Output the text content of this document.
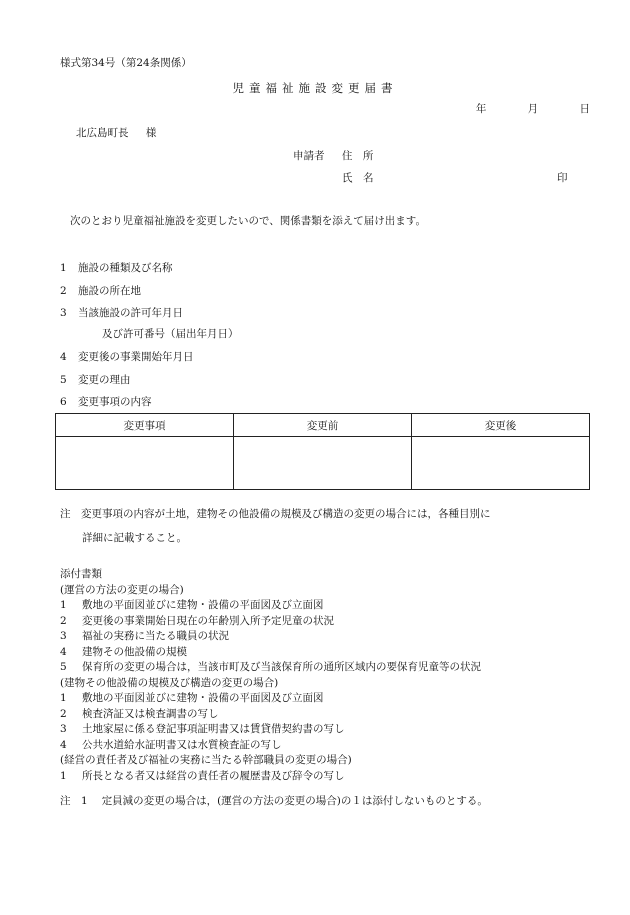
様式第34号（第24条関係）
児童福祉施設変更届書
年	月	日
北広島町長 様
申請者 住　所
氏　名	印
次のとおり児童福祉施設を変更したいので、関係書類を添えて届け出ます。
1 施設の種類及び名称
2 施設の所在地
3 当該施設の許可年月日
及び許可番号（届出年月日）
4 変更後の事業開始年月日
5 変更の理由
6 変更事項の内容
変更事項	変更前	変更後

注　変更事項の内容が土地，建物その他設備の規模及び構造の変更の場合には，各種目別に
詳細に記載すること。
添付書類
(運営の方法の変更の場合)
1 敷地の平面図並びに建物・設備の平面図及び立面図
2 変更後の事業開始日現在の年齢別入所予定児童の状況
3 福祉の実務に当たる職員の状況
4 建物その他設備の規模
5 保育所の変更の場合は，当該市町及び当該保育所の通所区域内の要保育児童等の状況
(建物その他設備の規模及び構造の変更の場合)
1 敷地の平面図並びに建物・設備の平面図及び立面図
2 検査済証又は検査調書の写し
3 土地家屋に係る登記事項証明書又は賃貸借契約書の写し
4 公共水道給水証明書又は水質検査証の写し
(経営の責任者及び福祉の実務に当たる幹部職員の変更の場合)
1 所長となる者又は経営の責任者の履歴書及び辞令の写し
注　1 定員減の変更の場合は，(運営の方法の変更の場合)の１は添付しないものとする。
